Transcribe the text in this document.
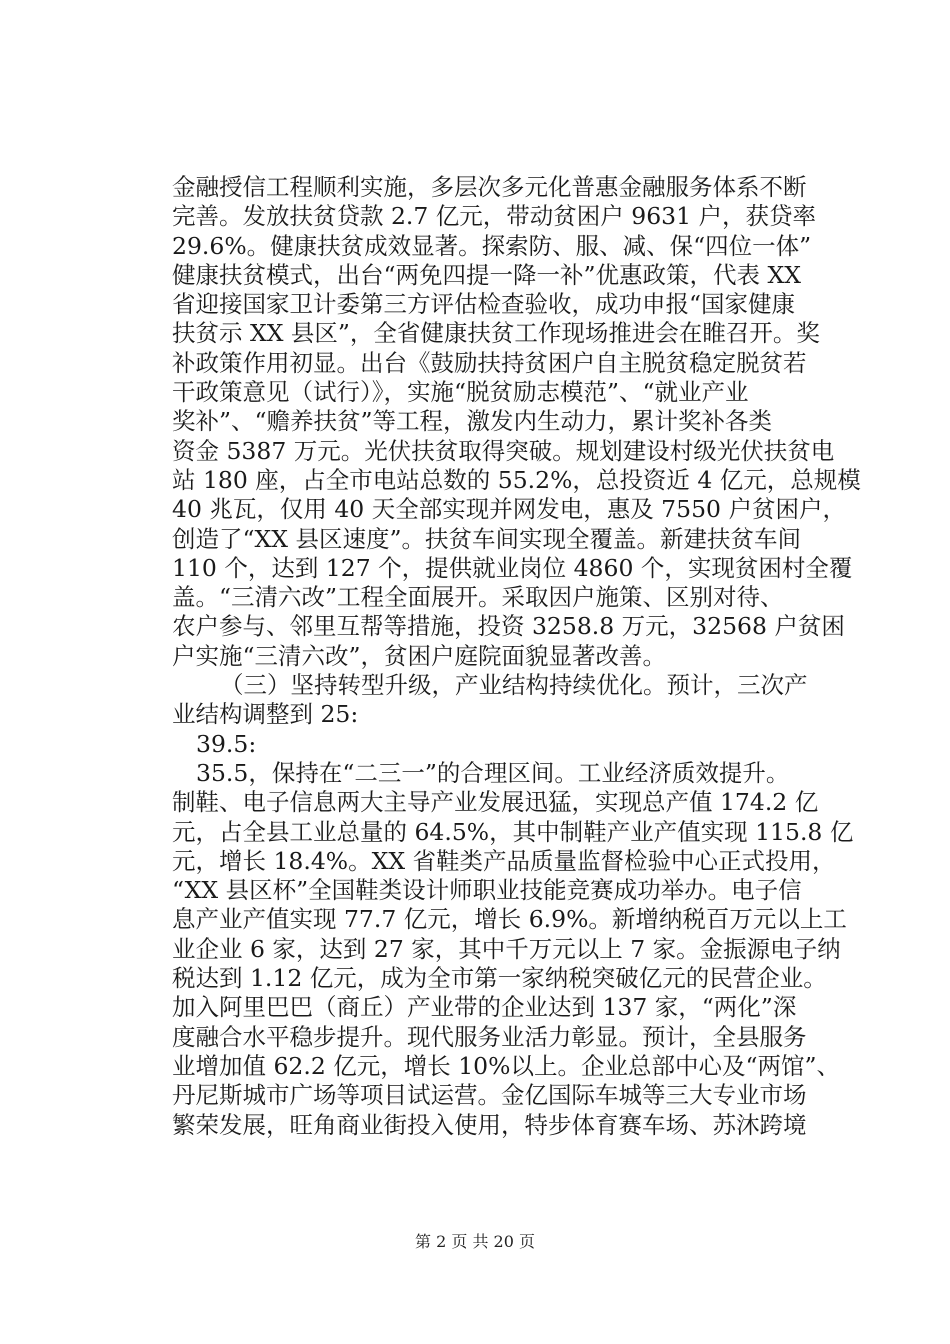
金融授信工程顺利实施，多层次多元化普惠金融服务体系不断

完善。发放扶贫贷款 2.7 亿元，带动贫困户 9631 户，获贷率

29.6%。健康扶贫成效显著。探索防、服、减、保“四位一体”

健康扶贫模式，出台“两免四提一降一补”优惠政策，代表 XX

省迎接国家卫计委第三方评估检查验收，成功申报“国家健康

扶贫示 XX 县区”，全省健康扶贫工作现场推进会在睢召开。奖

补政策作用初显。出台《鼓励扶持贫困户自主脱贫稳定脱贫若

干政策意见（试行）》，实施“脱贫励志模范”、“就业产业

奖补”、“赡养扶贫”等工程，激发内生动力，累计奖补各类

资金 5387 万元。光伏扶贫取得突破。规划建设村级光伏扶贫电

站 180 座，占全市电站总数的 55.2%，总投资近 4 亿元，总规模

40 兆瓦，仅用 40 天全部实现并网发电，惠及 7550 户贫困户，

创造了“XX 县区速度”。扶贫车间实现全覆盖。新建扶贫车间

110 个，达到 127 个，提供就业岗位 4860 个，实现贫困村全覆

盖。“三清六改”工程全面展开。采取因户施策、区别对待、

农户参与、邻里互帮等措施，投资 3258.8 万元，32568 户贫困

户实施“三清六改”，贫困户庭院面貌显著改善。

（三）坚持转型升级，产业结构持续优化。预计，三次产

业结构调整到 25:

39.5:

35.5，保持在“二三一”的合理区间。工业经济质效提升。

制鞋、电子信息两大主导产业发展迅猛，实现总产值 174.2 亿

元，占全县工业总量的 64.5%，其中制鞋产业产值实现 115.8 亿

元，增长 18.4%。XX 省鞋类产品质量监督检验中心正式投用，

“XX 县区杯”全国鞋类设计师职业技能竞赛成功举办。电子信

息产业产值实现 77.7 亿元，增长 6.9%。新增纳税百万元以上工

业企业 6 家，达到 27 家，其中千万元以上 7 家。金振源电子纳

税达到 1.12 亿元，成为全市第一家纳税突破亿元的民营企业。

加入阿里巴巴（商丘）产业带的企业达到 137 家，“两化”深

度融合水平稳步提升。现代服务业活力彰显。预计，全县服务

业增加值 62.2 亿元，增长 10%以上。企业总部中心及“两馆”、

丹尼斯城市广场等项目试运营。金亿国际车城等三大专业市场

繁荣发展，旺角商业街投入使用，特步体育赛车场、苏沐跨境

第 2 页 共 20 页
